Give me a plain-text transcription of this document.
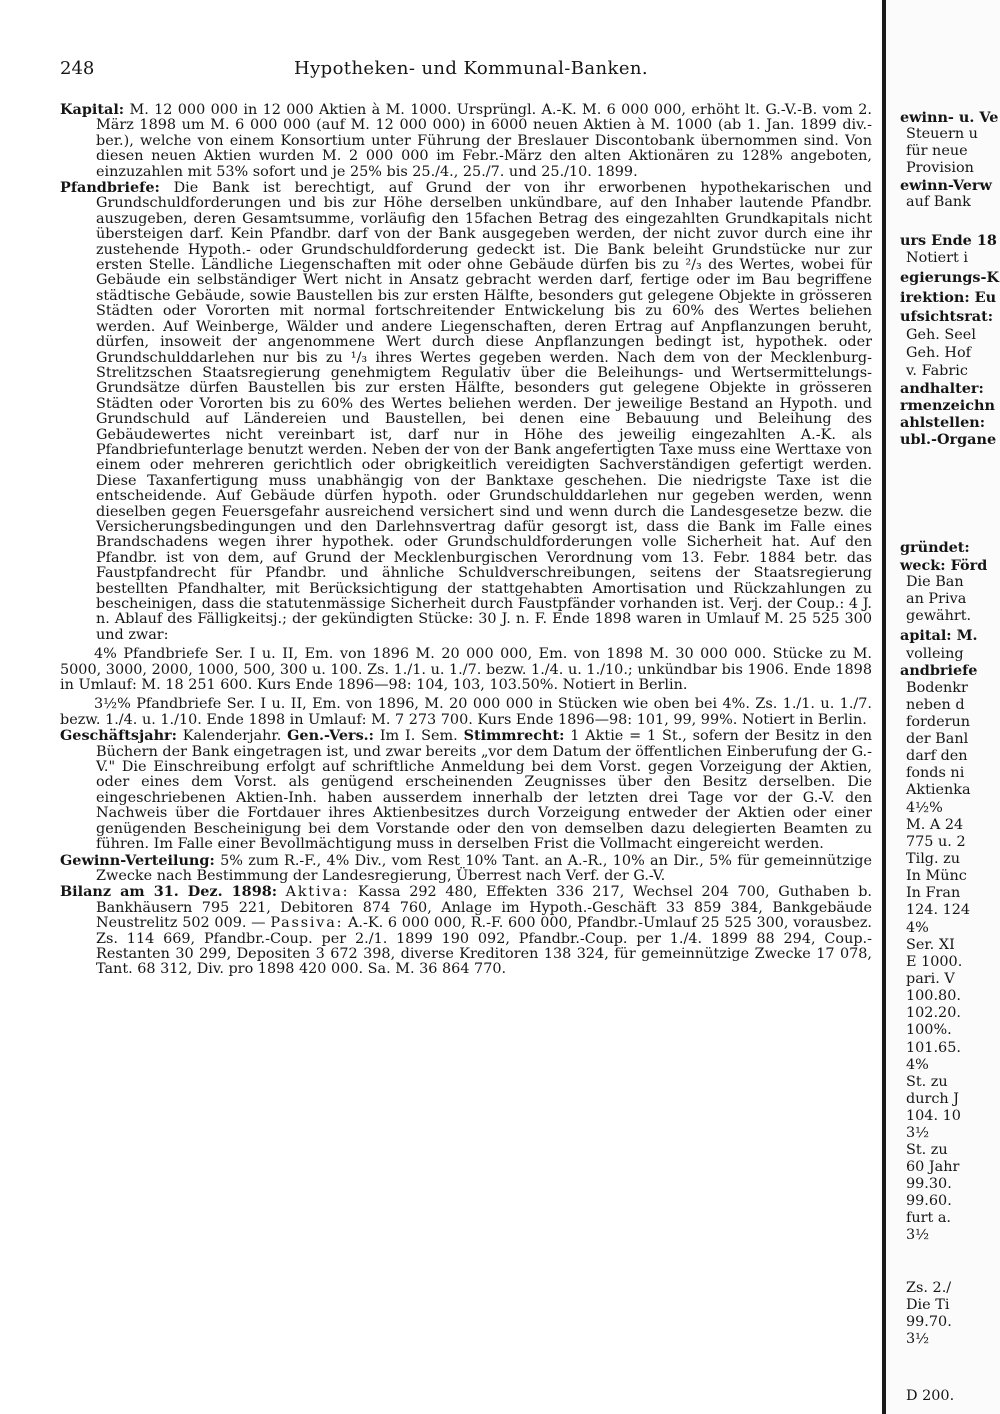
248	Hypotheken- und Kommunal-Banken.

Kapital: M. 12 000 000 in 12 000 Aktien à M. 1000. Ursprüngl. A.-K. M. 6 000 000, erhöht lt. G.-V.-B. vom 2. März 1898 um M. 6 000 000 (auf M. 12 000 000) in 6000 neuen Aktien à M. 1000 (ab 1. Jan. 1899 div.-ber.), welche von einem Konsortium unter Führung der Breslauer Discontobank übernommen sind. Von diesen neuen Aktien wurden M. 2 000 000 im Febr.-März den alten Aktionären zu 128% angeboten, einzuzahlen mit 53% sofort und je 25% bis 25./4., 25./7. und 25./10. 1899.

Pfandbriefe: Die Bank ist berechtigt, auf Grund der von ihr erworbenen hypothekarischen und Grundschuldforderungen und bis zur Höhe derselben unkündbare, auf den Inhaber lautende Pfandbr. auszugeben, deren Gesamtsumme, vorläufig den 15fachen Betrag des eingezahlten Grundkapitals nicht übersteigen darf. Kein Pfandbr. darf von der Bank ausgegeben werden, der nicht zuvor durch eine ihr zustehende Hypoth.- oder Grundschuldforderung gedeckt ist. Die Bank beleiht Grundstücke nur zur ersten Stelle. Ländliche Liegenschaften mit oder ohne Gebäude dürfen bis zu ²/₃ des Wertes, wobei für Gebäude ein selbständiger Wert nicht in Ansatz gebracht werden darf, fertige oder im Bau begriffene städtische Gebäude, sowie Baustellen bis zur ersten Hälfte, besonders gut gelegene Objekte in grösseren Städten oder Vororten mit normal fortschreitender Entwickelung bis zu 60% des Wertes beliehen werden. Auf Weinberge, Wälder und andere Liegenschaften, deren Ertrag auf Anpflanzungen beruht, dürfen, insoweit der angenommene Wert durch diese Anpflanzungen bedingt ist, hypothek. oder Grundschulddarlehen nur bis zu ¹/₃ ihres Wertes gegeben werden. Nach dem von der Mecklenburg-Strelitzschen Staatsregierung genehmigtem Regulativ über die Beleihungs- und Wertsermittelungs-Grundsätze dürfen Baustellen bis zur ersten Hälfte, besonders gut gelegene Objekte in grösseren Städten oder Vororten bis zu 60% des Wertes beliehen werden. Der jeweilige Bestand an Hypoth. und Grundschuld auf Ländereien und Baustellen, bei denen eine Bebauung und Beleihung des Gebäudewertes nicht vereinbart ist, darf nur in Höhe des jeweilig eingezahlten A.-K. als Pfandbriefunterlage benutzt werden. Neben der von der Bank angefertigten Taxe muss eine Werttaxe von einem oder mehreren gerichtlich oder obrigkeitlich vereidigten Sachverständigen gefertigt werden. Diese Taxanfertigung muss unabhängig von der Banktaxe geschehen. Die niedrigste Taxe ist die entscheidende. Auf Gebäude dürfen hypoth. oder Grundschulddarlehen nur gegeben werden, wenn dieselben gegen Feuersgefahr ausreichend versichert sind und wenn durch die Landesgesetze bezw. die Versicherungsbedingungen und den Darlehnsvertrag dafür gesorgt ist, dass die Bank im Falle eines Brandschadens wegen ihrer hypothek. oder Grundschuldforderungen volle Sicherheit hat. Auf den Pfandbr. ist von dem, auf Grund der Mecklenburgischen Verordnung vom 13. Febr. 1884 betr. das Faustpfandrecht für Pfandbr. und ähnliche Schuldverschreibungen, seitens der Staatsregierung bestellten Pfandhalter, mit Berücksichtigung der stattgehabten Amortisation und Rückzahlungen zu bescheinigen, dass die statutenmässige Sicherheit durch Faustpfänder vorhanden ist. Verj. der Coup.: 4 J. n. Ablauf des Fälligkeitsj.; der gekündigten Stücke: 30 J. n. F. Ende 1898 waren in Umlauf M. 25 525 300 und zwar:

4% Pfandbriefe Ser. I u. II, Em. von 1896 M. 20 000 000, Em. von 1898 M. 30 000 000. Stücke zu M. 5000, 3000, 2000, 1000, 500, 300 u. 100. Zs. 1./1. u. 1./7. bezw. 1./4. u. 1./10.; unkündbar bis 1906. Ende 1898 in Umlauf: M. 18 251 600. Kurs Ende 1896—98: 104, 103, 103.50%. Notiert in Berlin.

3½% Pfandbriefe Ser. I u. II, Em. von 1896, M. 20 000 000 in Stücken wie oben bei 4%. Zs. 1./1. u. 1./7. bezw. 1./4. u. 1./10. Ende 1898 in Umlauf: M. 7 273 700. Kurs Ende 1896—98: 101, 99, 99%. Notiert in Berlin.

Geschäftsjahr: Kalenderjahr. Gen.-Vers.: Im I. Sem. Stimmrecht: 1 Aktie = 1 St., sofern der Besitz in den Büchern der Bank eingetragen ist, und zwar bereits „vor dem Datum der öffentlichen Einberufung der G.-V." Die Einschreibung erfolgt auf schriftliche Anmeldung bei dem Vorst. gegen Vorzeigung der Aktien, oder eines dem Vorst. als genügend erscheinenden Zeugnisses über den Besitz derselben. Die eingeschriebenen Aktien-Inh. haben ausserdem innerhalb der letzten drei Tage vor der G.-V. den Nachweis über die Fortdauer ihres Aktienbesitzes durch Vorzeigung entweder der Aktien oder einer genügenden Bescheinigung bei dem Vorstande oder den von demselben dazu delegierten Beamten zu führen. Im Falle einer Bevollmächtigung muss in derselben Frist die Vollmacht eingereicht werden.

Gewinn-Verteilung: 5% zum R.-F., 4% Div., vom Rest 10% Tant. an A.-R., 10% an Dir., 5% für gemeinnützige Zwecke nach Bestimmung der Landesregierung, Überrest nach Verf. der G.-V.

Bilanz am 31. Dez. 1898: Aktiva: Kassa 292 480, Effekten 336 217, Wechsel 204 700, Guthaben b. Bankhäusern 795 221, Debitoren 874 760, Anlage im Hypoth.-Geschäft 33 859 384, Bankgebäude Neustrelitz 502 009. — Passiva: A.-K. 6 000 000, R.-F. 600 000, Pfandbr.-Umlauf 25 525 300, vorausbez. Zs. 114 669, Pfandbr.-Coup. per 2./1. 1899 190 092, Pfandbr.-Coup. per 1./4. 1899 88 294, Coup.-Restanten 30 299, Depositen 3 672 398, diverse Kreditoren 138 324, für gemeinnützige Zwecke 17 078, Tant. 68 312, Div. pro 1898 420 000. Sa. M. 36 864 770.

ewinn- u. Ve
Steuern u
für neue
Provision
ewinn-Verw
auf Bank
urs Ende 18
Notiert i
egierungs-K
irektion: Eu
ufsichtsrat:
Geh. Seel
Geh. Hof
v. Fabric
andhalter:
rmenzeichn
ahlstellen:
ubl.-Organe
gründet:
weck: Förd
Die Ban
an Priva
gewährt.
apital: M.
volleing
andbriefe
Bodenkr
neben d
forderun
der Banl
darf den
fonds ni
Aktienka
4½%
M. A 24
775 u. 2
Tilg. zu
In Münc
In Fran
124. 124
4%
Ser. XI
E 1000.
pari. V
100.80.
102.20.
100%.
101.65.
4%
St. zu
durch J
104. 10
3½
St. zu
60 Jahr
99.30.
99.60.
furt a.
3½
Zs. 2./
Die Ti
99.70.
3½
D 200.
